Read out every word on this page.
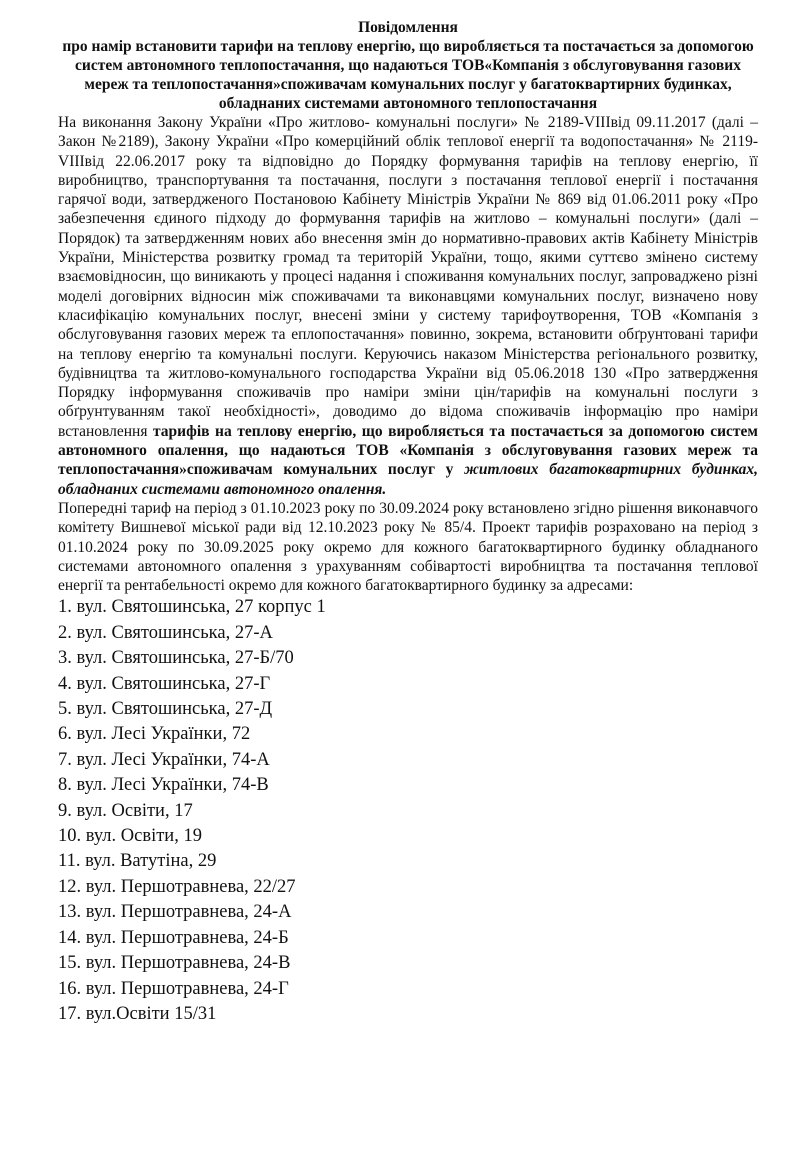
Повідомлення

про намір встановити тарифи на теплову енергію, що виробляється та постачається за допомогою систем автономного теплопостачання, що надаються ТОВ«Компанія з обслуговування газових мереж та теплопостачання»споживачам комунальних послуг у багатоквартирних будинках, обладнаних системами автономного теплопостачання

На виконання Закону України «Про житлово- комунальні послуги» № 2189-VIIIвід 09.11.2017 (далі –Закон №2189), Закону України «Про комерційний облік теплової енергії та водопостачання» № 2119-VIIIвід 22.06.2017 року та відповідно до Порядку формування тарифів на теплову енергію, її виробництво, транспортування та постачання, послуги з постачання теплової енергії і постачання гарячої води, затвердженого Постановою Кабінету Міністрів України № 869 від 01.06.2011 року «Про забезпечення єдиного підходу до формування тарифів на житлово – комунальні послуги» (далі – Порядок) та затвердженням нових або внесення змін до нормативно-правових актів Кабінету Міністрів України, Міністерства розвитку громад та територій України, тощо, якими суттєво змінено систему взаємовідносин, що виникають у процесі надання і споживання комунальних послуг, запроваджено різні моделі договірних відносин між споживачами та виконавцями комунальних послуг, визначено нову класифікацію комунальних послуг, внесені зміни у систему тарифоутворення, ТОВ «Компанія з обслуговування газових мереж та еплопостачання» повинно, зокрема, встановити обґрунтовані тарифи на теплову енергію та комунальні послуги. Керуючись наказом Міністерства регіонального розвитку, будівництва та житлово-комунального господарства України від 05.06.2018 130 «Про затвердження Порядку інформування споживачів про наміри зміни цін/тарифів на комунальні послуги з обґрунтуванням такої необхідності», доводимо до відома споживачів інформацію про наміри встановлення тарифів на теплову енергію, що виробляється та постачається за допомогою систем автономного опалення, що надаються ТОВ «Компанія з обслуговування газових мереж та теплопостачання»споживачам комунальних послуг у житлових багатоквартирних будинках, обладнаних системами автономного опалення.

Попередні тариф на період з 01.10.2023 року по 30.09.2024 року встановлено згідно рішення виконавчого комітету Вишневої міської ради від 12.10.2023 року № 85/4. Проект тарифів розраховано на період з 01.10.2024 року по 30.09.2025 року окремо для кожного багатоквартирного будинку обладнаного системами автономного опалення з урахуванням собівартості виробництва та постачання теплової енергії та рентабельності окремо для кожного багатоквартирного будинку за адресами:

1. вул. Святошинська, 27 корпус 1
2. вул. Святошинська, 27-А
3. вул. Святошинська, 27-Б/70
4. вул. Святошинська, 27-Г
5. вул. Святошинська, 27-Д
6. вул. Лесі Українки, 72
7. вул. Лесі Українки, 74-А
8. вул. Лесі Українки, 74-В
9. вул. Освіти, 17
10. вул. Освіти, 19
11. вул. Ватутіна, 29
12. вул. Першотравнева, 22/27
13. вул. Першотравнева, 24-А
14. вул. Першотравнева, 24-Б
15. вул. Першотравнева, 24-В
16. вул. Першотравнева, 24-Г
17. вул.Освіти 15/31
